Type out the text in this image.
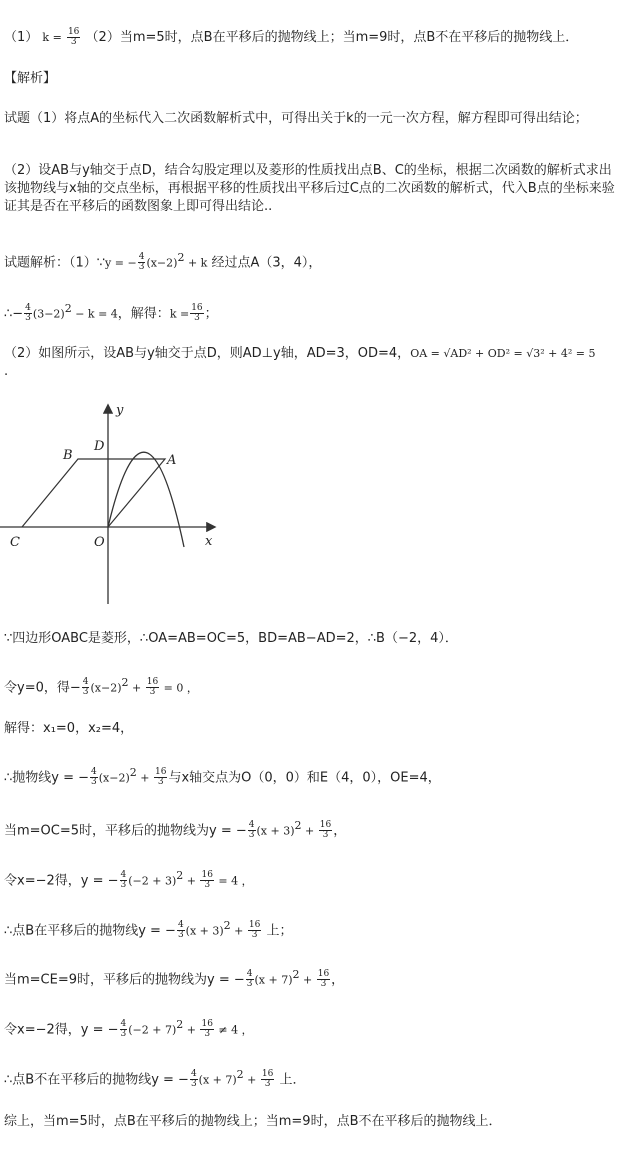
（1） $k = \frac{16}{3} (2)$当m=5时，点B在平移后的抛物线上；当m=9时，点B不在平移后的抛物线上．
【解析】
试题（1）将点A的坐标代入二次函数解析式中，可得出关于k的一元一次方程，解方程即可得出结论；
（2）设AB与y轴交于点D，结合勾股定理以及菱形的性质找出点B、C的坐标，根据二次函数的解析式求出该抛物线与x轴的交点坐标，再根据平移的性质找出平移后过C点的二次函数的解析式，代入B点的坐标来验证其是否在平移后的函数图象上即可得出结论..
试题解析：（1）∵y = − $\frac{4}{3} (x-2)^2 + k$ 经过点A（3，4），
∴− $\frac{4}{3} (3-2)^2 - k = 4$，解得：$k = \frac{16}{3}$ ；
（2）如图所示，设AB与y轴交于点D，则AD⊥y轴，AD=3，OD=4，OA = √AD² + OD² = √3² + 4² = 5
.
y
x
B
D
A
C	O
∵四边形OABC是菱形，∴OA=AB=OC=5，BD=AB−AD=2，∴B（−2，4）．
令y=0，得− $\frac{4}{3} (x-2)^2 + \frac{16}{3} = 0$ ，
解得：x₁=0，x₂=4，
∴抛物线y = − $\frac{4}{3} (x-2)^2 + \frac{16}{3}$ 与x轴交点为O（0，0）和E（4，0），OE=4，
当m=OC=5时，平移后的抛物线为y = − $\frac{4}{3} (x + 3)^2 + \frac{16}{3}$ ，
令x=−2得，y = − $\frac{4}{3} (-2 + 3)^2 + \frac{16}{3} = 4$ ，
∴点B在平移后的抛物线y = − $\frac{4}{3} (x + 3)^2 + \frac{16}{3}$ 上；
当m=CE=9时，平移后的抛物线为y = − $\frac{4}{3} (x + 7)^2 + \frac{16}{3}$ ，
令x=−2得，y = − $\frac{4}{3} (-2 + 7)^2 + \frac{16}{3} \ne 4$ ，
∴点B不在平移后的抛物线y = − $\frac{4}{3} (x + 7)^2 + \frac{16}{3}$ 上．
综上，当m=5时，点B在平移后的抛物线上；当m=9时，点B不在平移后的抛物线上．
